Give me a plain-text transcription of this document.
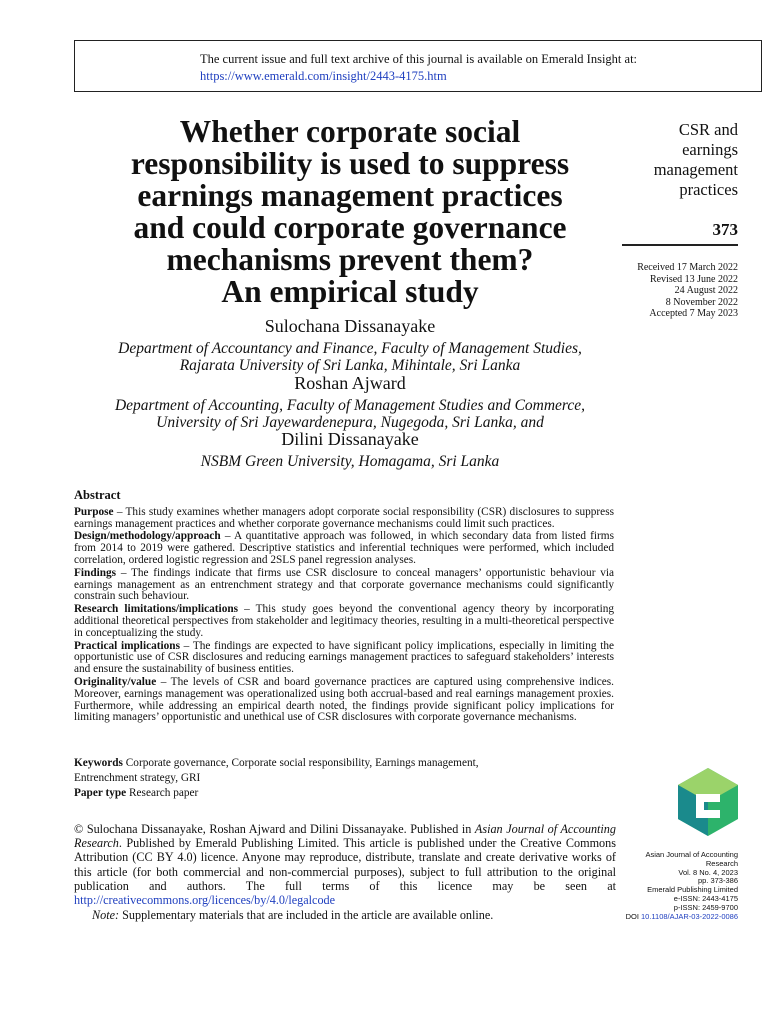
The current issue and full text archive of this journal is available on Emerald Insight at:
https://www.emerald.com/insight/2443-4175.htm
Whether corporate social
responsibility is used to suppress
earnings management practices
and could corporate governance
mechanisms prevent them?
An empirical study
Sulochana Dissanayake
Department of Accountancy and Finance, Faculty of Management Studies,
Rajarata University of Sri Lanka, Mihintale, Sri Lanka
Roshan Ajward
Department of Accounting, Faculty of Management Studies and Commerce,
University of Sri Jayewardenepura, Nugegoda, Sri Lanka, and
Dilini Dissanayake
NSBM Green University, Homagama, Sri Lanka
CSR and
earnings
management
practices
373
Received 17 March 2022
Revised 13 June 2022
24 August 2022
8 November 2022
Accepted 7 May 2023
Abstract

Purpose – This study examines whether managers adopt corporate social responsibility (CSR) disclosures to suppress earnings management practices and whether corporate governance mechanisms could limit such practices.

Design/methodology/approach – A quantitative approach was followed, in which secondary data from listed firms from 2014 to 2019 were gathered. Descriptive statistics and inferential techniques were performed, which included correlation, ordered logistic regression and 2SLS panel regression analyses.

Findings – The findings indicate that firms use CSR disclosure to conceal managers’ opportunistic behaviour via earnings management as an entrenchment strategy and that corporate governance mechanisms could significantly constrain such behaviour.

Research limitations/implications – This study goes beyond the conventional agency theory by incorporating additional theoretical perspectives from stakeholder and legitimacy theories, resulting in a multi-theoretical perspective in conceptualizing the study.

Practical implications – The findings are expected to have significant policy implications, especially in limiting the opportunistic use of CSR disclosures and reducing earnings management practices to safeguard stakeholders’ interests and ensure the sustainability of business entities.

Originality/value – The levels of CSR and board governance practices are captured using comprehensive indices. Moreover, earnings management was operationalized using both accrual-based and real earnings management proxies. Furthermore, while addressing an empirical dearth noted, the findings provide significant policy implications for limiting managers’ opportunistic and unethical use of CSR disclosures with corporate governance mechanisms.

Keywords Corporate governance, Corporate social responsibility, Earnings management,
Entrenchment strategy, GRI
Paper type Research paper
© Sulochana Dissanayake, Roshan Ajward and Dilini Dissanayake. Published in Asian Journal of Accounting Research. Published by Emerald Publishing Limited. This article is published under the Creative Commons Attribution (CC BY 4.0) licence. Anyone may reproduce, distribute, translate and create derivative works of this article (for both commercial and non-commercial purposes), subject to full attribution to the original publication and authors. The full terms of this licence may be seen at http://creativecommons.org/licences/by/4.0/legalcode
Note: Supplementary materials that are included in the article are available online.
Asian Journal of Accounting
Research
Vol. 8 No. 4, 2023
pp. 373-386
Emerald Publishing Limited
e-ISSN: 2443-4175
p-ISSN: 2459-9700
DOI 10.1108/AJAR-03-2022-0086
